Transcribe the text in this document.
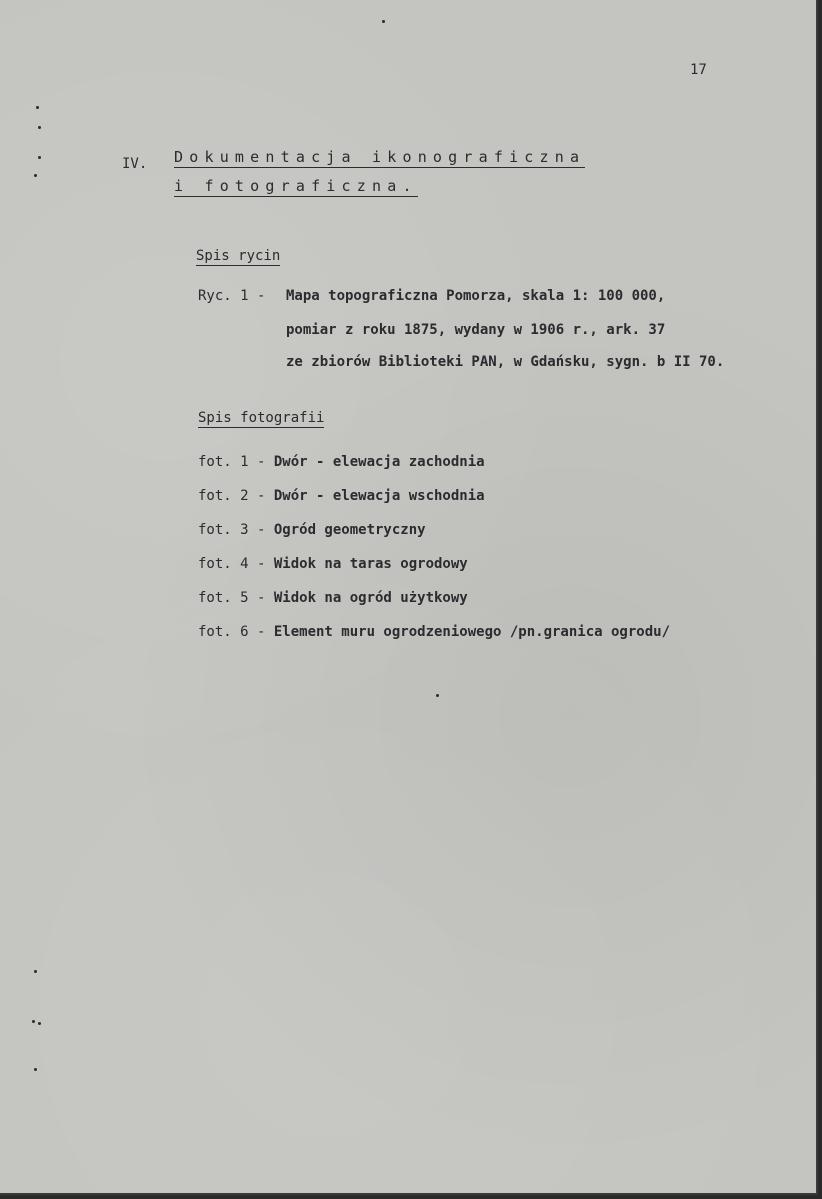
17
IV. Dokumentacja ikonograficzna
i fotograficzna.
Spis rycin
Ryc. 1 - Mapa topograficzna Pomorza, skala 1: 100 000,
pomiar z roku 1875, wydany w 1906 r., ark. 37
ze zbiorów Biblioteki PAN, w Gdańsku, sygn. b II 70.
Spis fotografii
fot. 1 - Dwór - elewacja zachodnia
fot. 2 - Dwór - elewacja wschodnia
fot. 3 - Ogród geometryczny
fot. 4 - Widok na taras ogrodowy
fot. 5 - Widok na ogród użytkowy
fot. 6 - Element muru ogrodzeniowego /pn.granica ogrodu/
